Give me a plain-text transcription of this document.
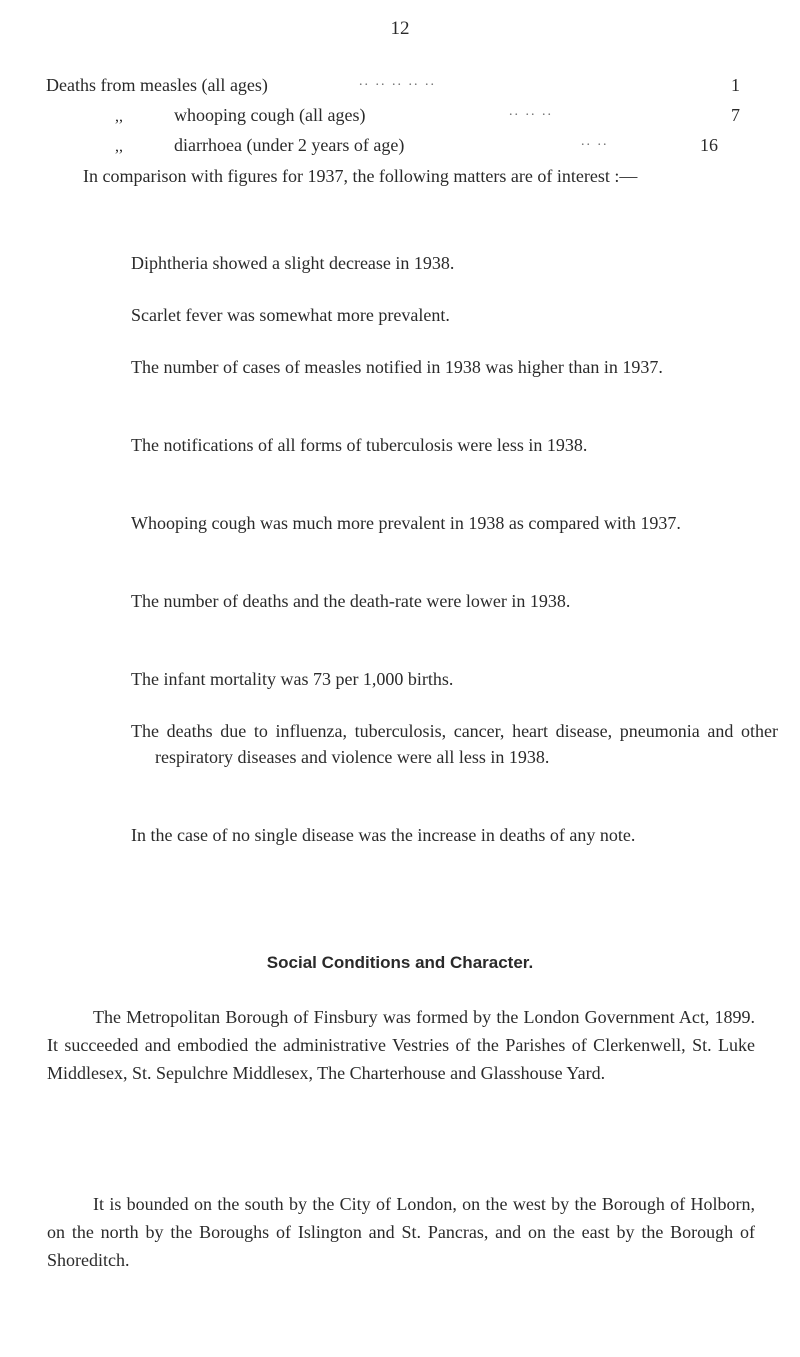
12
Deaths from measles (all ages)	.. .. .. .. ..	1
,,	whooping cough (all ages)	.. .. ..	7
,,	diarrhoea (under 2 years of age)	.. ..	16

In comparison with figures for 1937, the following matters are of interest :—

Diphtheria showed a slight decrease in 1938.

Scarlet fever was somewhat more prevalent.

The number of cases of measles notified in 1938 was higher than in 1937.

The notifications of all forms of tuberculosis were less in 1938.

Whooping cough was much more prevalent in 1938 as compared with 1937.

The number of deaths and the death-rate were lower in 1938.

The infant mortality was 73 per 1,000 births.

The deaths due to influenza, tuberculosis, cancer, heart disease, pneumonia and other respiratory diseases and violence were all less in 1938.

In the case of no single disease was the increase in deaths of any note.

Social Conditions and Character.

The Metropolitan Borough of Finsbury was formed by the London Government Act, 1899. It succeeded and embodied the administrative Vestries of the Parishes of Clerkenwell, St. Luke Middlesex, St. Sepulchre Middlesex, The Charterhouse and Glasshouse Yard.

It is bounded on the south by the City of London, on the west by the Borough of Holborn, on the north by the Boroughs of Islington and St. Pancras, and on the east by the Borough of Shoreditch.
